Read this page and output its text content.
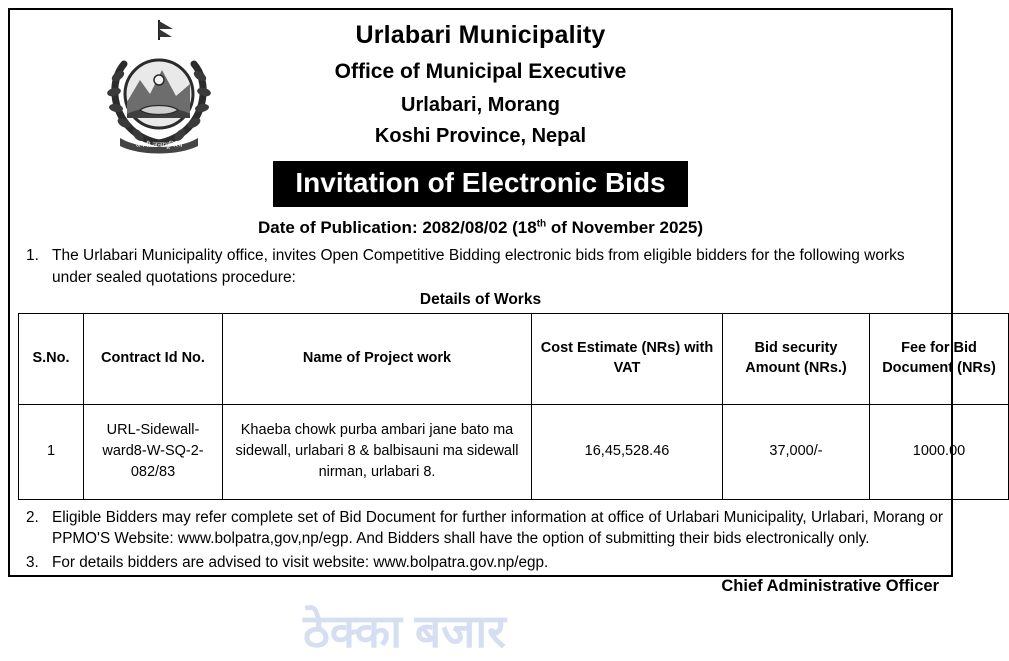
जननी जन्मभूमिश्च
Urlabari Municipality
Office of Municipal Executive
Urlabari, Morang
Koshi Province, Nepal
Invitation of Electronic Bids
Date of Publication: 2082/08/02 (18th of November 2025)
1. The Urlabari Municipality office, invites Open Competitive Bidding electronic bids from eligible bidders for the following works under sealed quotations procedure:
Details of Works
ठेक्का बजार
S.No.	Contract Id No.	Name of Project work	Cost Estimate (NRs) with VAT	Bid security Amount (NRs.)	Fee for Bid Document (NRs)
1	URL-Sidewall-ward8-W-SQ-2-082/83	Khaeba chowk purba ambari jane bato ma sidewall, urlabari 8 & balbisauni ma sidewall nirman, urlabari 8.	16,45,528.46	37,000/-	1000.00
2. Eligible Bidders may refer complete set of Bid Document for further information at office of Urlabari Municipality, Urlabari, Morang or PPMO'S Website: www.bolpatra,gov,np/egp. And Bidders shall have the option of submitting their bids electronically only.
3. For details bidders are advised to visit website: www.bolpatra.gov.np/egp.
Chief Administrative Officer
